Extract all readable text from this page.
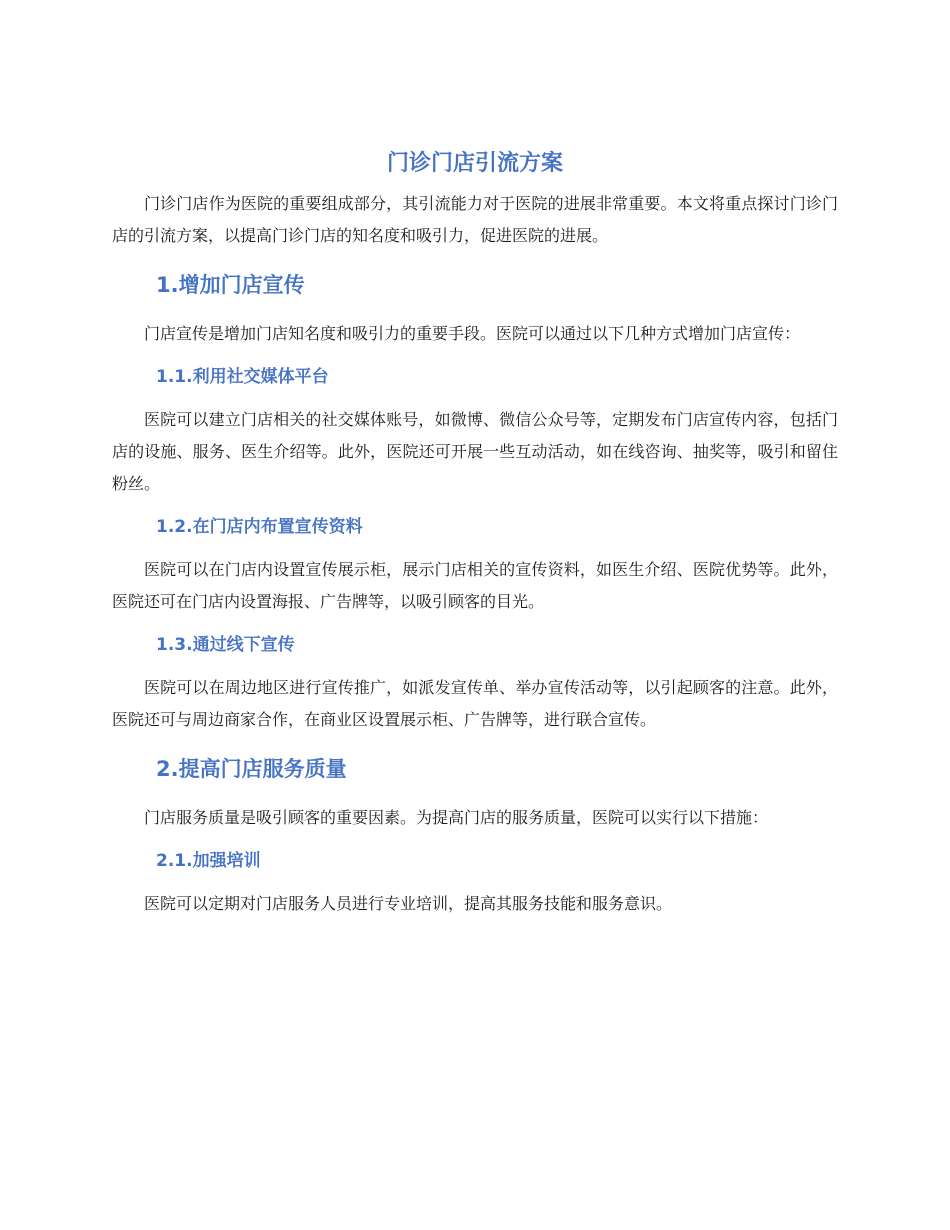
门诊门店引流方案

门诊门店作为医院的重要组成部分，其引流能力对于医院的进展非常重要。本文将重点探讨门诊门店的引流方案，以提高门诊门店的知名度和吸引力，促进医院的进展。

1.增加门店宣传

门店宣传是增加门店知名度和吸引力的重要手段。医院可以通过以下几种方式增加门店宣传：

1.1.利用社交媒体平台

医院可以建立门店相关的社交媒体账号，如微博、微信公众号等，定期发布门店宣传内容，包括门店的设施、服务、医生介绍等。此外，医院还可开展一些互动活动，如在线咨询、抽奖等，吸引和留住粉丝。

1.2.在门店内布置宣传资料

医院可以在门店内设置宣传展示柜，展示门店相关的宣传资料，如医生介绍、医院优势等。此外，医院还可在门店内设置海报、广告牌等，以吸引顾客的目光。

1.3.通过线下宣传

医院可以在周边地区进行宣传推广，如派发宣传单、举办宣传活动等，以引起顾客的注意。此外，医院还可与周边商家合作，在商业区设置展示柜、广告牌等，进行联合宣传。

2.提高门店服务质量

门店服务质量是吸引顾客的重要因素。为提高门店的服务质量，医院可以实行以下措施：

2.1.加强培训

医院可以定期对门店服务人员进行专业培训，提高其服务技能和服务意识。
